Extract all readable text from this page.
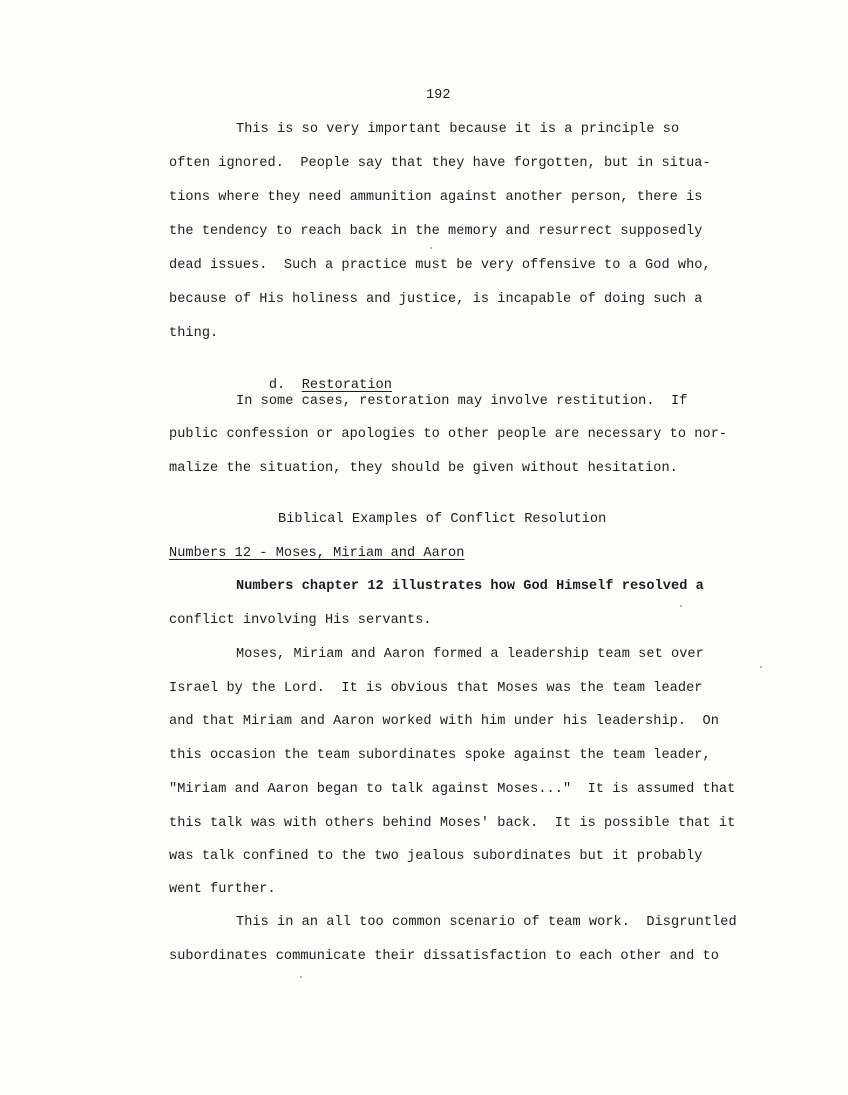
192
This is so very important because it is a principle so
often ignored.  People say that they have forgotten, but in situa-
tions where they need ammunition against another person, there is
the tendency to reach back in the memory and resurrect supposedly
dead issues.  Such a practice must be very offensive to a God who,
because of His holiness and justice, is incapable of doing such a
thing.

d. Restoration

In some cases, restoration may involve restitution.  If
public confession or apologies to other people are necessary to nor-
malize the situation, they should be given without hesitation.
Biblical Examples of Conflict Resolution
Numbers 12 - Moses, Miriam and Aaron
Numbers chapter 12 illustrates how God Himself resolved a
conflict involving His servants.
Moses, Miriam and Aaron formed a leadership team set over
Israel by the Lord.  It is obvious that Moses was the team leader
and that Miriam and Aaron worked with him under his leadership.  On
this occasion the team subordinates spoke against the team leader,
"Miriam and Aaron began to talk against Moses..."  It is assumed that
this talk was with others behind Moses' back.  It is possible that it
was talk confined to the two jealous subordinates but it probably
went further.
This in an all too common scenario of team work.  Disgruntled
subordinates communicate their dissatisfaction to each other and to
